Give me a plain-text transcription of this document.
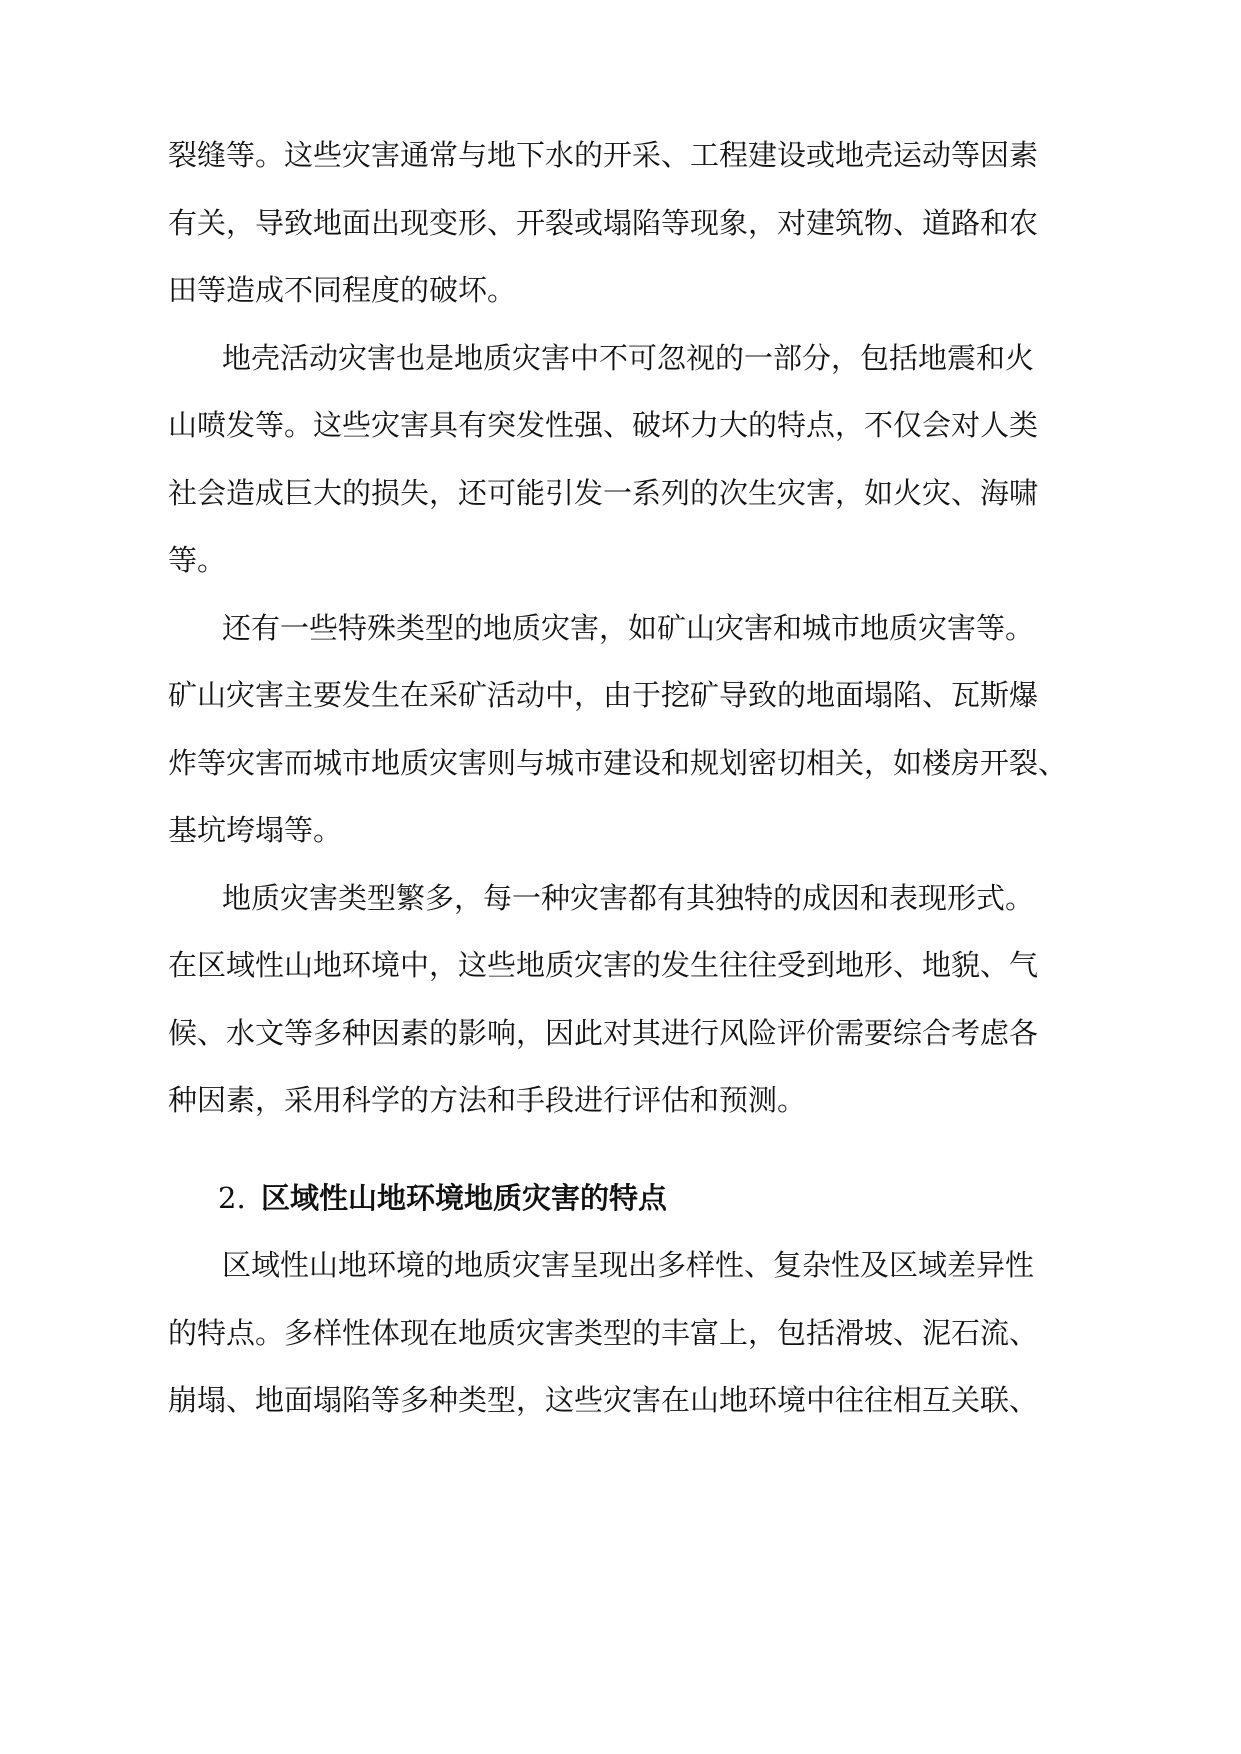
裂缝等。这些灾害通常与地下水的开采、工程建设或地壳运动等因素
有关，导致地面出现变形、开裂或塌陷等现象，对建筑物、道路和农
田等造成不同程度的破坏。
地壳活动灾害也是地质灾害中不可忽视的一部分，包括地震和火
山喷发等。这些灾害具有突发性强、破坏力大的特点，不仅会对人类
社会造成巨大的损失，还可能引发一系列的次生灾害，如火灾、海啸
等。
还有一些特殊类型的地质灾害，如矿山灾害和城市地质灾害等。
矿山灾害主要发生在采矿活动中，由于挖矿导致的地面塌陷、瓦斯爆
炸等灾害而城市地质灾害则与城市建设和规划密切相关，如楼房开裂、
基坑垮塌等。
地质灾害类型繁多，每一种灾害都有其独特的成因和表现形式。
在区域性山地环境中，这些地质灾害的发生往往受到地形、地貌、气
候、水文等多种因素的影响，因此对其进行风险评价需要综合考虑各
种因素，采用科学的方法和手段进行评估和预测。
2. 区域性山地环境地质灾害的特点
区域性山地环境的地质灾害呈现出多样性、复杂性及区域差异性
的特点。多样性体现在地质灾害类型的丰富上，包括滑坡、泥石流、
崩塌、地面塌陷等多种类型，这些灾害在山地环境中往往相互关联、
